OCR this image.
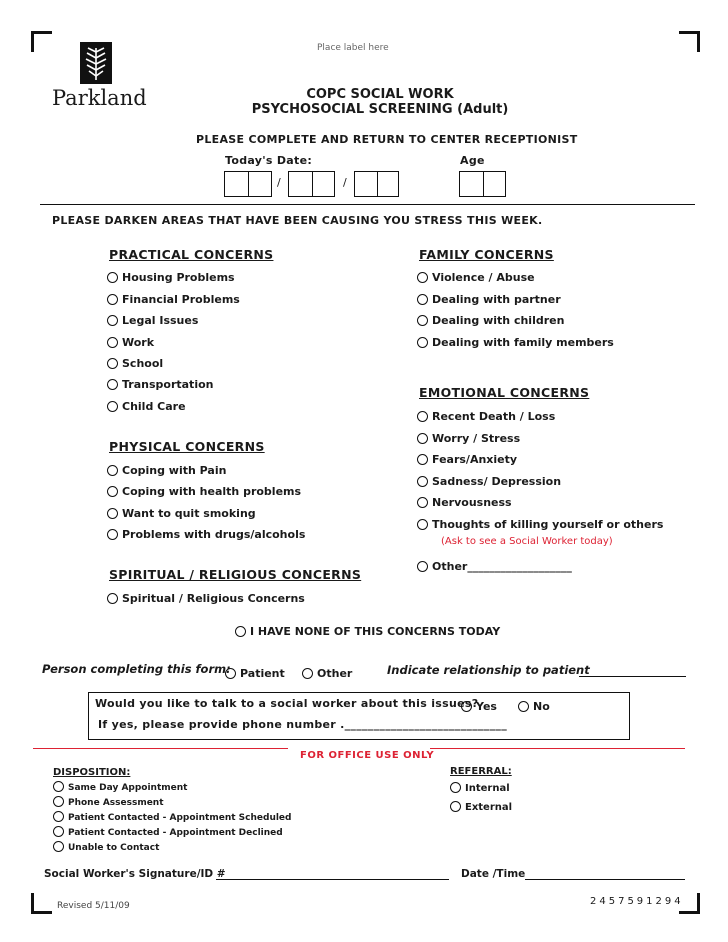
Place label here
Parkland	COPC SOCIAL WORK
PSYCHOSOCIAL SCREENING (Adult)
PLEASE COMPLETE AND RETURN TO CENTER RECEPTIONIST
Today's Date:	Age
/	/
PLEASE DARKEN AREAS THAT HAVE BEEN CAUSING YOU STRESS THIS WEEK.
PRACTICAL CONCERNS
Housing Problems
Financial Problems
Legal Issues
Work
School
Transportation
Child Care
PHYSICAL CONCERNS
Coping with Pain
Coping with health problems
Want to quit smoking
Problems with drugs/alcohols
SPIRITUAL / RELIGIOUS CONCERNS
Spiritual / Religious Concerns
FAMILY CONCERNS
Violence / Abuse
Dealing with partner
Dealing with children
Dealing with family members
EMOTIONAL CONCERNS
Recent Death / Loss
Worry / Stress
Fears/Anxiety
Sadness/ Depression
Nervousness
Thoughts of killing yourself or others
(Ask to see a Social Worker today)
Other___________________
I HAVE NONE OF THIS CONCERNS TODAY
Person completing this form: Patient	Other	Indicate relationship to patient
Would you like to talk to a social worker about this issues?
Yes	No
If yes, please provide phone number .____________________________
FOR OFFICE USE ONLY
DISPOSITION:
Same Day Appointment
Phone Assessment
Patient Contacted - Appointment Scheduled
Patient Contacted - Appointment Declined
Unable to Contact
REFERRAL:
Internal
External
Social Worker's Signature/ID #	Date /Time
Revised 5/11/09	2457591294
